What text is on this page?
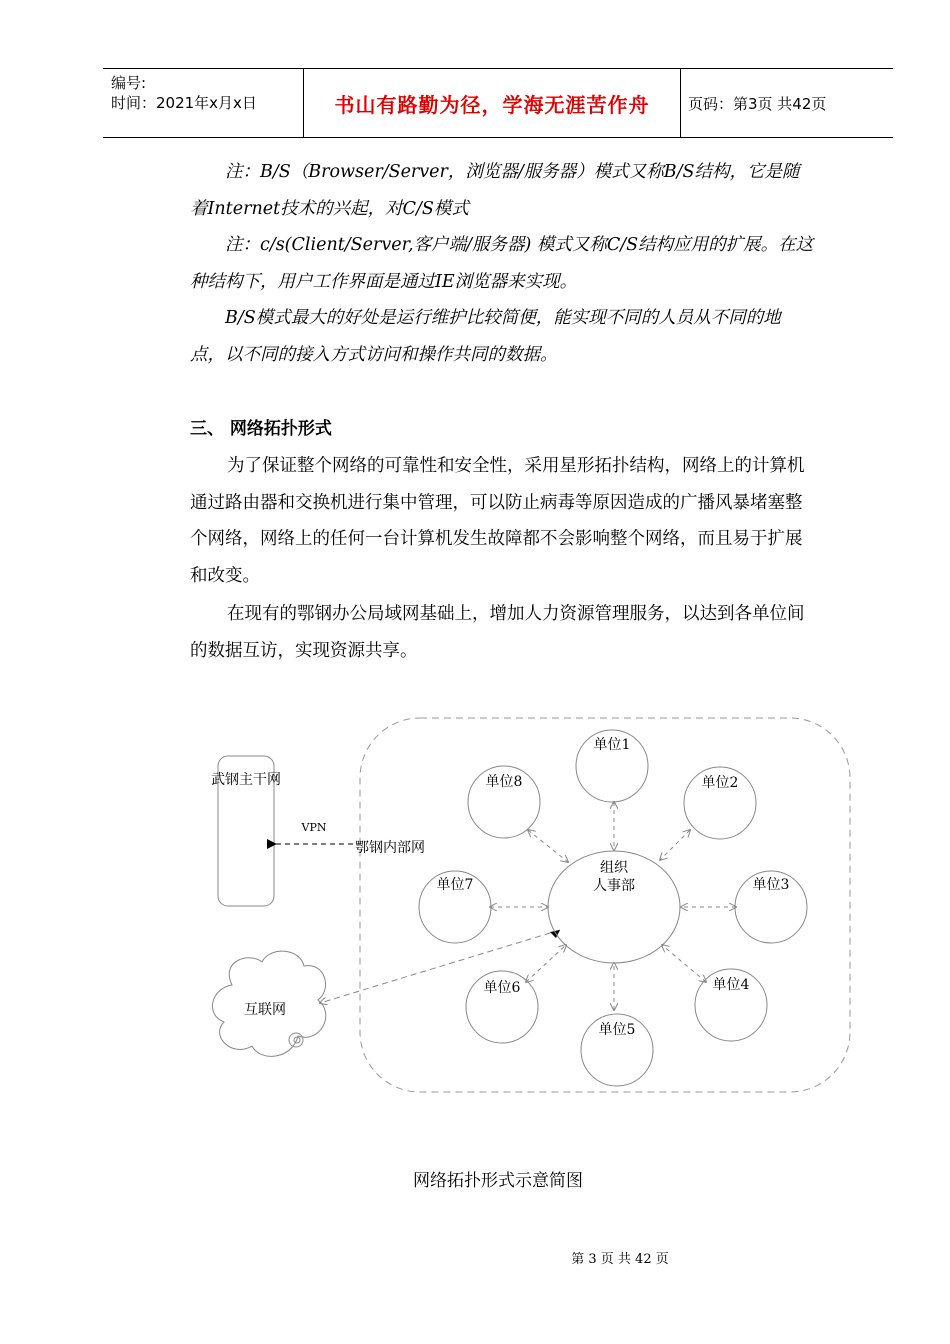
编号:
时间：2021年x月x日	书山有路勤为径，学海无涯苦作舟	页码：第3页 共42页
注：B/S（Browser/Server，浏览器/服务器）模式又称B/S结构，它是随着Internet技术的兴起，对C/S模式
注：c/s(Client/Server,客户端/服务器) 模式又称C/S结构应用的扩展。在这种结构下，用户工作界面是通过IE浏览器来实现。
B/S模式最大的好处是运行维护比较简便，能实现不同的人员从不同的地点，以不同的接入方式访问和操作共同的数据。
三、 网络拓扑形式
为了保证整个网络的可靠性和安全性，采用星形拓扑结构，网络上的计算机通过路由器和交换机进行集中管理，可以防止病毒等原因造成的广播风暴堵塞整个网络，网络上的任何一台计算机发生故障都不会影响整个网络，而且易于扩展和改变。
在现有的鄂钢办公局域网基础上，增加人力资源管理服务，以达到各单位间的数据互访，实现资源共享。
武钢主干网
VPN
鄂钢内部网
互联网
组织
人事部
单位1
单位2
单位3
单位4
单位5
单位6
单位7
单位8
网络拓扑形式示意简图
第 3 页 共 42 页
